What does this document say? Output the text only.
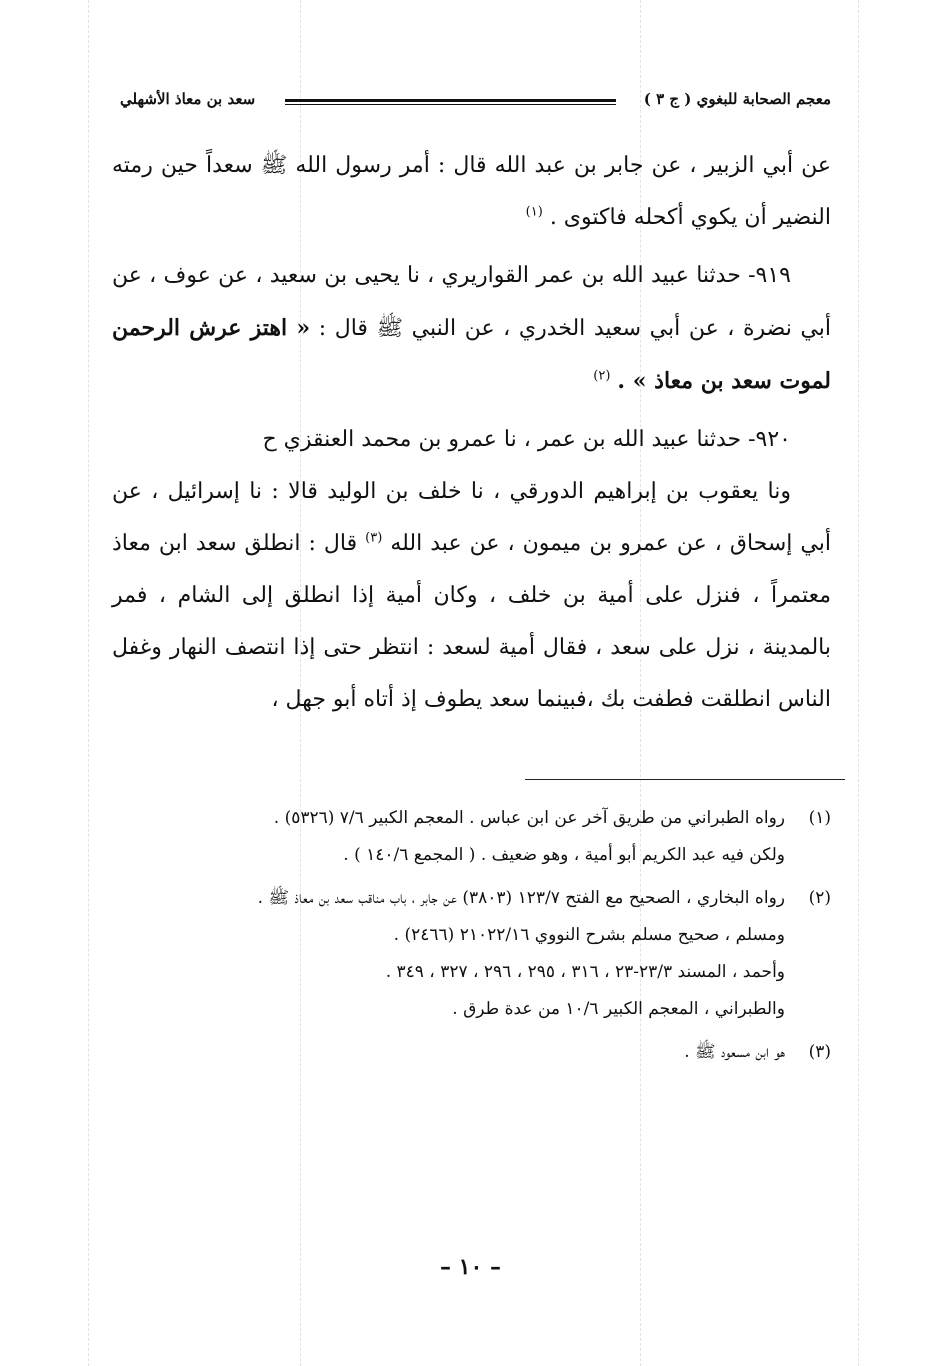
معجم الصحابة للبغوي ( ج ٣ )
سعد بن معاذ الأشهلي

عن أبي الزبير ، عن جابر بن عبد الله قال : أمر رسول الله ﷺ سعداً حين رمته النضير أن يكوي أكحله فاكتوى . $^{(١)}$

٩١٩- حدثنا عبيد الله بن عمر القواريري ، نا يحيى بن سعيد ، عن عوف ، عن أبي نضرة ، عن أبي سعيد الخدري ، عن النبي ﷺ قال : « اهتز عرش الرحمن لموت سعد بن معاذ » . $^{(٢)}$

٩٢٠- حدثنا عبيد الله بن عمر ، نا عمرو بن محمد العنقزي ح

ونا يعقوب بن إبراهيم الدورقي ، نا خلف بن الوليد قالا : نا إسرائيل ، عن أبي إسحاق ، عن عمرو بن ميمون ، عن عبد الله $^{(٣)}$ قال : انطلق سعد ابن معاذ معتمراً ، فنزل على أمية بن خلف ، وكان أمية إذا انطلق إلى الشام ، فمر بالمدينة ، نزل على سعد ، فقال أمية لسعد : انتظر حتى إذا انتصف النهار وغفل الناس انطلقت فطفت بك ،فبينما سعد يطوف إذ أتاه أبو جهل ،

(١)

رواه الطبراني من طريق آخر عن ابن عباس . المعجم الكبير ٧/٦ (٥٣٢٦) .

ولكن فيه عبد الكريم أبو أمية ، وهو ضعيف . ( المجمع ١٤٠/٦ ) .

(٢)

رواه البخاري ، الصحيح مع الفتح ١٢٣/٧ (٣٨٠٣) عن جابر ، باب مناقب سعد بن معاذ ﷺ .

ومسلم ، صحيح مسلم بشرح النووي ٢١٠٢٢/١٦ (٢٤٦٦) .

وأحمد ، المسند ٢٣/٣-٢٣ ، ٣١٦ ، ٢٩٥ ، ٢٩٦ ، ٣٢٧ ، ٣٤٩ .

والطبراني ، المعجم الكبير ١٠/٦ من عدة طرق .

(٣)

هو ابن مسعود ﷺ .

– ١٠ –
